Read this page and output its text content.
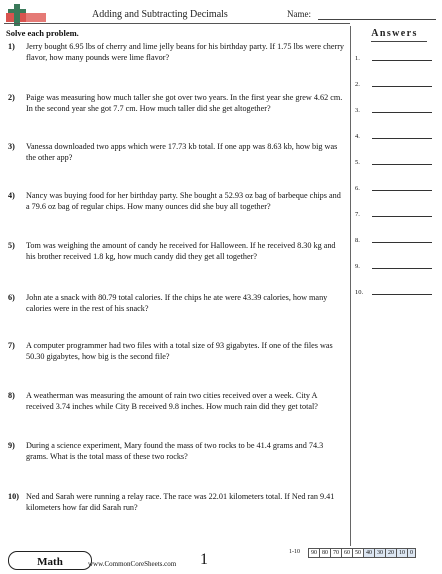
Adding and Subtracting Decimals	Name:
Solve each problem.	Answers
1.
2.
3.
4.
5.
6.
7.
8.
9.
10.
1) Jerry bought 6.95 lbs of cherry and lime jelly beans for his birthday party. If 1.75 lbs were cherry flavor, how many pounds were lime flavor?
2) Paige was measuring how much taller she got over two years. In the first year she grew 4.62 cm. In the second year she got 7.7 cm. How much taller did she get altogether?
3) Vanessa downloaded two apps which were 17.73 kb total. If one app was 8.63 kb, how big was the other app?
4) Nancy was buying food for her birthday party. She bought a 52.93 oz bag of barbeque chips and a 79.6 oz bag of regular chips. How many ounces did she buy all together?
5) Tom was weighing the amount of candy he received for Halloween. If he received 8.30 kg and his brother received 1.8 kg, how much candy did they get all together?
6) John ate a snack with 80.79 total calories. If the chips he ate were 43.39 calories, how many calories were in the rest of his snack?
7) A computer programmer had two files with a total size of 93 gigabytes. If one of the files was 50.30 gigabytes, how big is the second file?
8) A weatherman was measuring the amount of rain two cities received over a week. City A received 3.74 inches while City B received 9.8 inches. How much rain did they get total?
9) During a science experiment, Mary found the mass of two rocks to be 41.4 grams and 74.3 grams. What is the total mass of these two rocks?
10) Ned and Sarah were running a relay race. The race was 22.01 kilometers total. If Ned ran 9.41 kilometers how far did Sarah run?
Math	www.CommonCoreSheets.com 1	1-10 90	80	70	60	50	40	30	20	10	0
